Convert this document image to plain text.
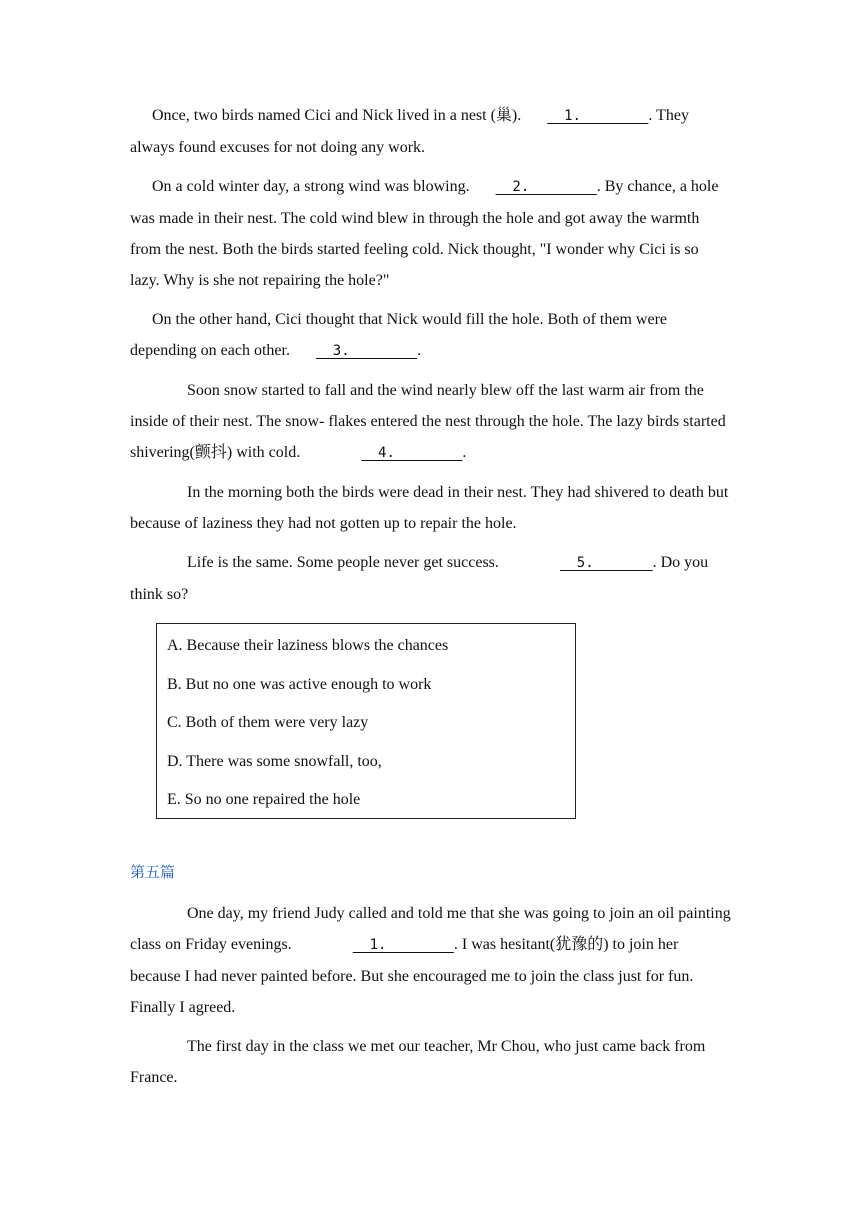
Once, two birds named Cici and Nick lived in a nest (巢).   1.        . They always found excuses for not doing any work.

On a cold winter day, a strong wind was blowing.   2.        . By chance, a hole was made in their nest. The cold wind blew in through the hole and got away the warmth from the nest. Both the birds started feeling cold. Nick thought, "I wonder why Cici is so lazy. Why is she not repairing the hole?"

On the other hand, Cici thought that Nick would fill the hole. Both of them were depending on each other.   3.        .

Soon snow started to fall and the wind nearly blew off the last warm air from the inside of their nest. The snow- flakes entered the nest through the hole. The lazy birds started shivering(颤抖) with cold.	4.        .

In the morning both the birds were dead in their nest. They had shivered to death but because of laziness they had not gotten up to repair the hole.

Life is the same. Some people never get success.	5.       . Do you think so?

A. Because their laziness blows the chances

B. But no one was active enough to work

C. Both of them were very lazy

D. There was some snowfall, too,

E. So no one repaired the hole

第五篇

One day, my friend Judy called and told me that she was going to join an oil painting class on Friday evenings.	1.        . I was hesitant(犹豫的) to join her because I had never painted before. But she encouraged me to join the class just for fun. Finally I agreed.

The first day in the class we met our teacher, Mr Chou, who just came back from France.
